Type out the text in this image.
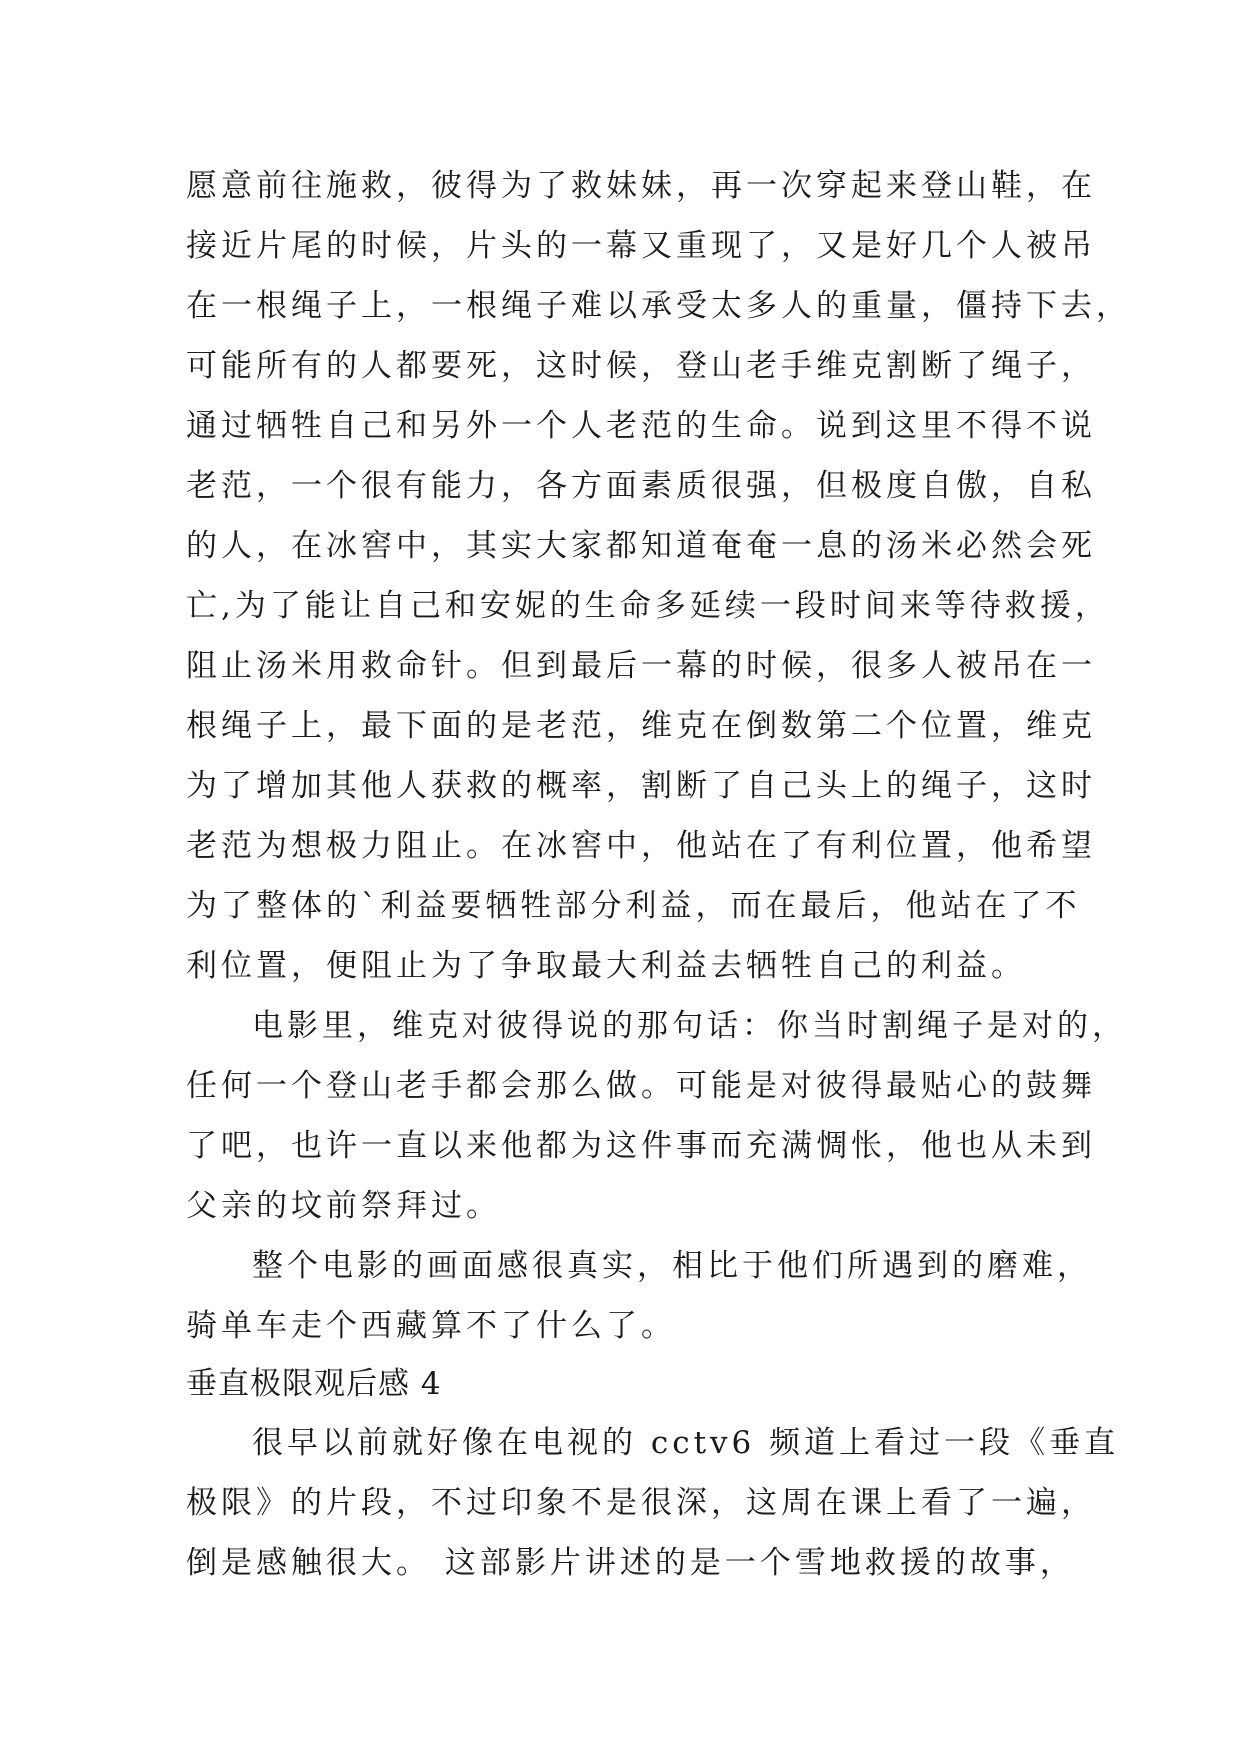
愿意前往施救，彼得为了救妹妹，再一次穿起来登山鞋，在
接近片尾的时候，片头的一幕又重现了，又是好几个人被吊
在一根绳子上，一根绳子难以承受太多人的重量，僵持下去，
可能所有的人都要死，这时候，登山老手维克割断了绳子，
通过牺牲自己和另外一个人老范的生命。说到这里不得不说
老范，一个很有能力，各方面素质很强，但极度自傲，自私
的人，在冰窖中，其实大家都知道奄奄一息的汤米必然会死
亡,为了能让自己和安妮的生命多延续一段时间来等待救援，
阻止汤米用救命针。但到最后一幕的时候，很多人被吊在一
根绳子上，最下面的是老范，维克在倒数第二个位置，维克
为了增加其他人获救的概率，割断了自己头上的绳子，这时
老范为想极力阻止。在冰窖中，他站在了有利位置，他希望
为了整体的`利益要牺牲部分利益，而在最后，他站在了不
利位置，便阻止为了争取最大利益去牺牲自己的利益。
电影里，维克对彼得说的那句话：你当时割绳子是对的，
任何一个登山老手都会那么做。可能是对彼得最贴心的鼓舞
了吧，也许一直以来他都为这件事而充满惆怅，他也从未到
父亲的坟前祭拜过。
整个电影的画面感很真实，相比于他们所遇到的磨难，
骑单车走个西藏算不了什么了。
垂直极限观后感 4
很早以前就好像在电视的 cctv6 频道上看过一段《垂直
极限》的片段，不过印象不是很深，这周在课上看了一遍，
倒是感触很大。 这部影片讲述的是一个雪地救援的故事，
